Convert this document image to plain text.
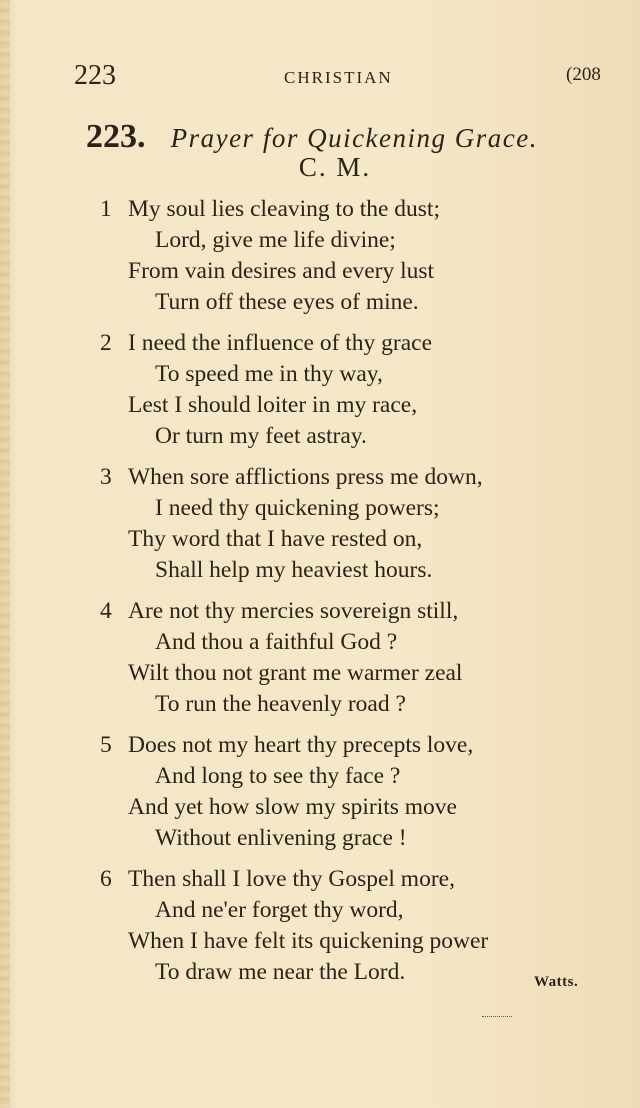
223	CHRISTIAN	(208
223. Prayer for Quickening Grace.
C. M.
1 My soul lies cleaving to the dust;
Lord, give me life divine;
From vain desires and every lust
Turn off these eyes of mine.
2 I need the influence of thy grace
To speed me in thy way,
Lest I should loiter in my race,
Or turn my feet astray.
3 When sore afflictions press me down,
I need thy quickening powers;
Thy word that I have rested on,
Shall help my heaviest hours.
4 Are not thy mercies sovereign still,
And thou a faithful God ?
Wilt thou not grant me warmer zeal
To run the heavenly road ?
5 Does not my heart thy precepts love,
And long to see thy face ?
And yet how slow my spirits move
Without enlivening grace !
6 Then shall I love thy Gospel more,
And ne'er forget thy word,
When I have felt its quickening power
To draw me near the Lord.	Watts.
